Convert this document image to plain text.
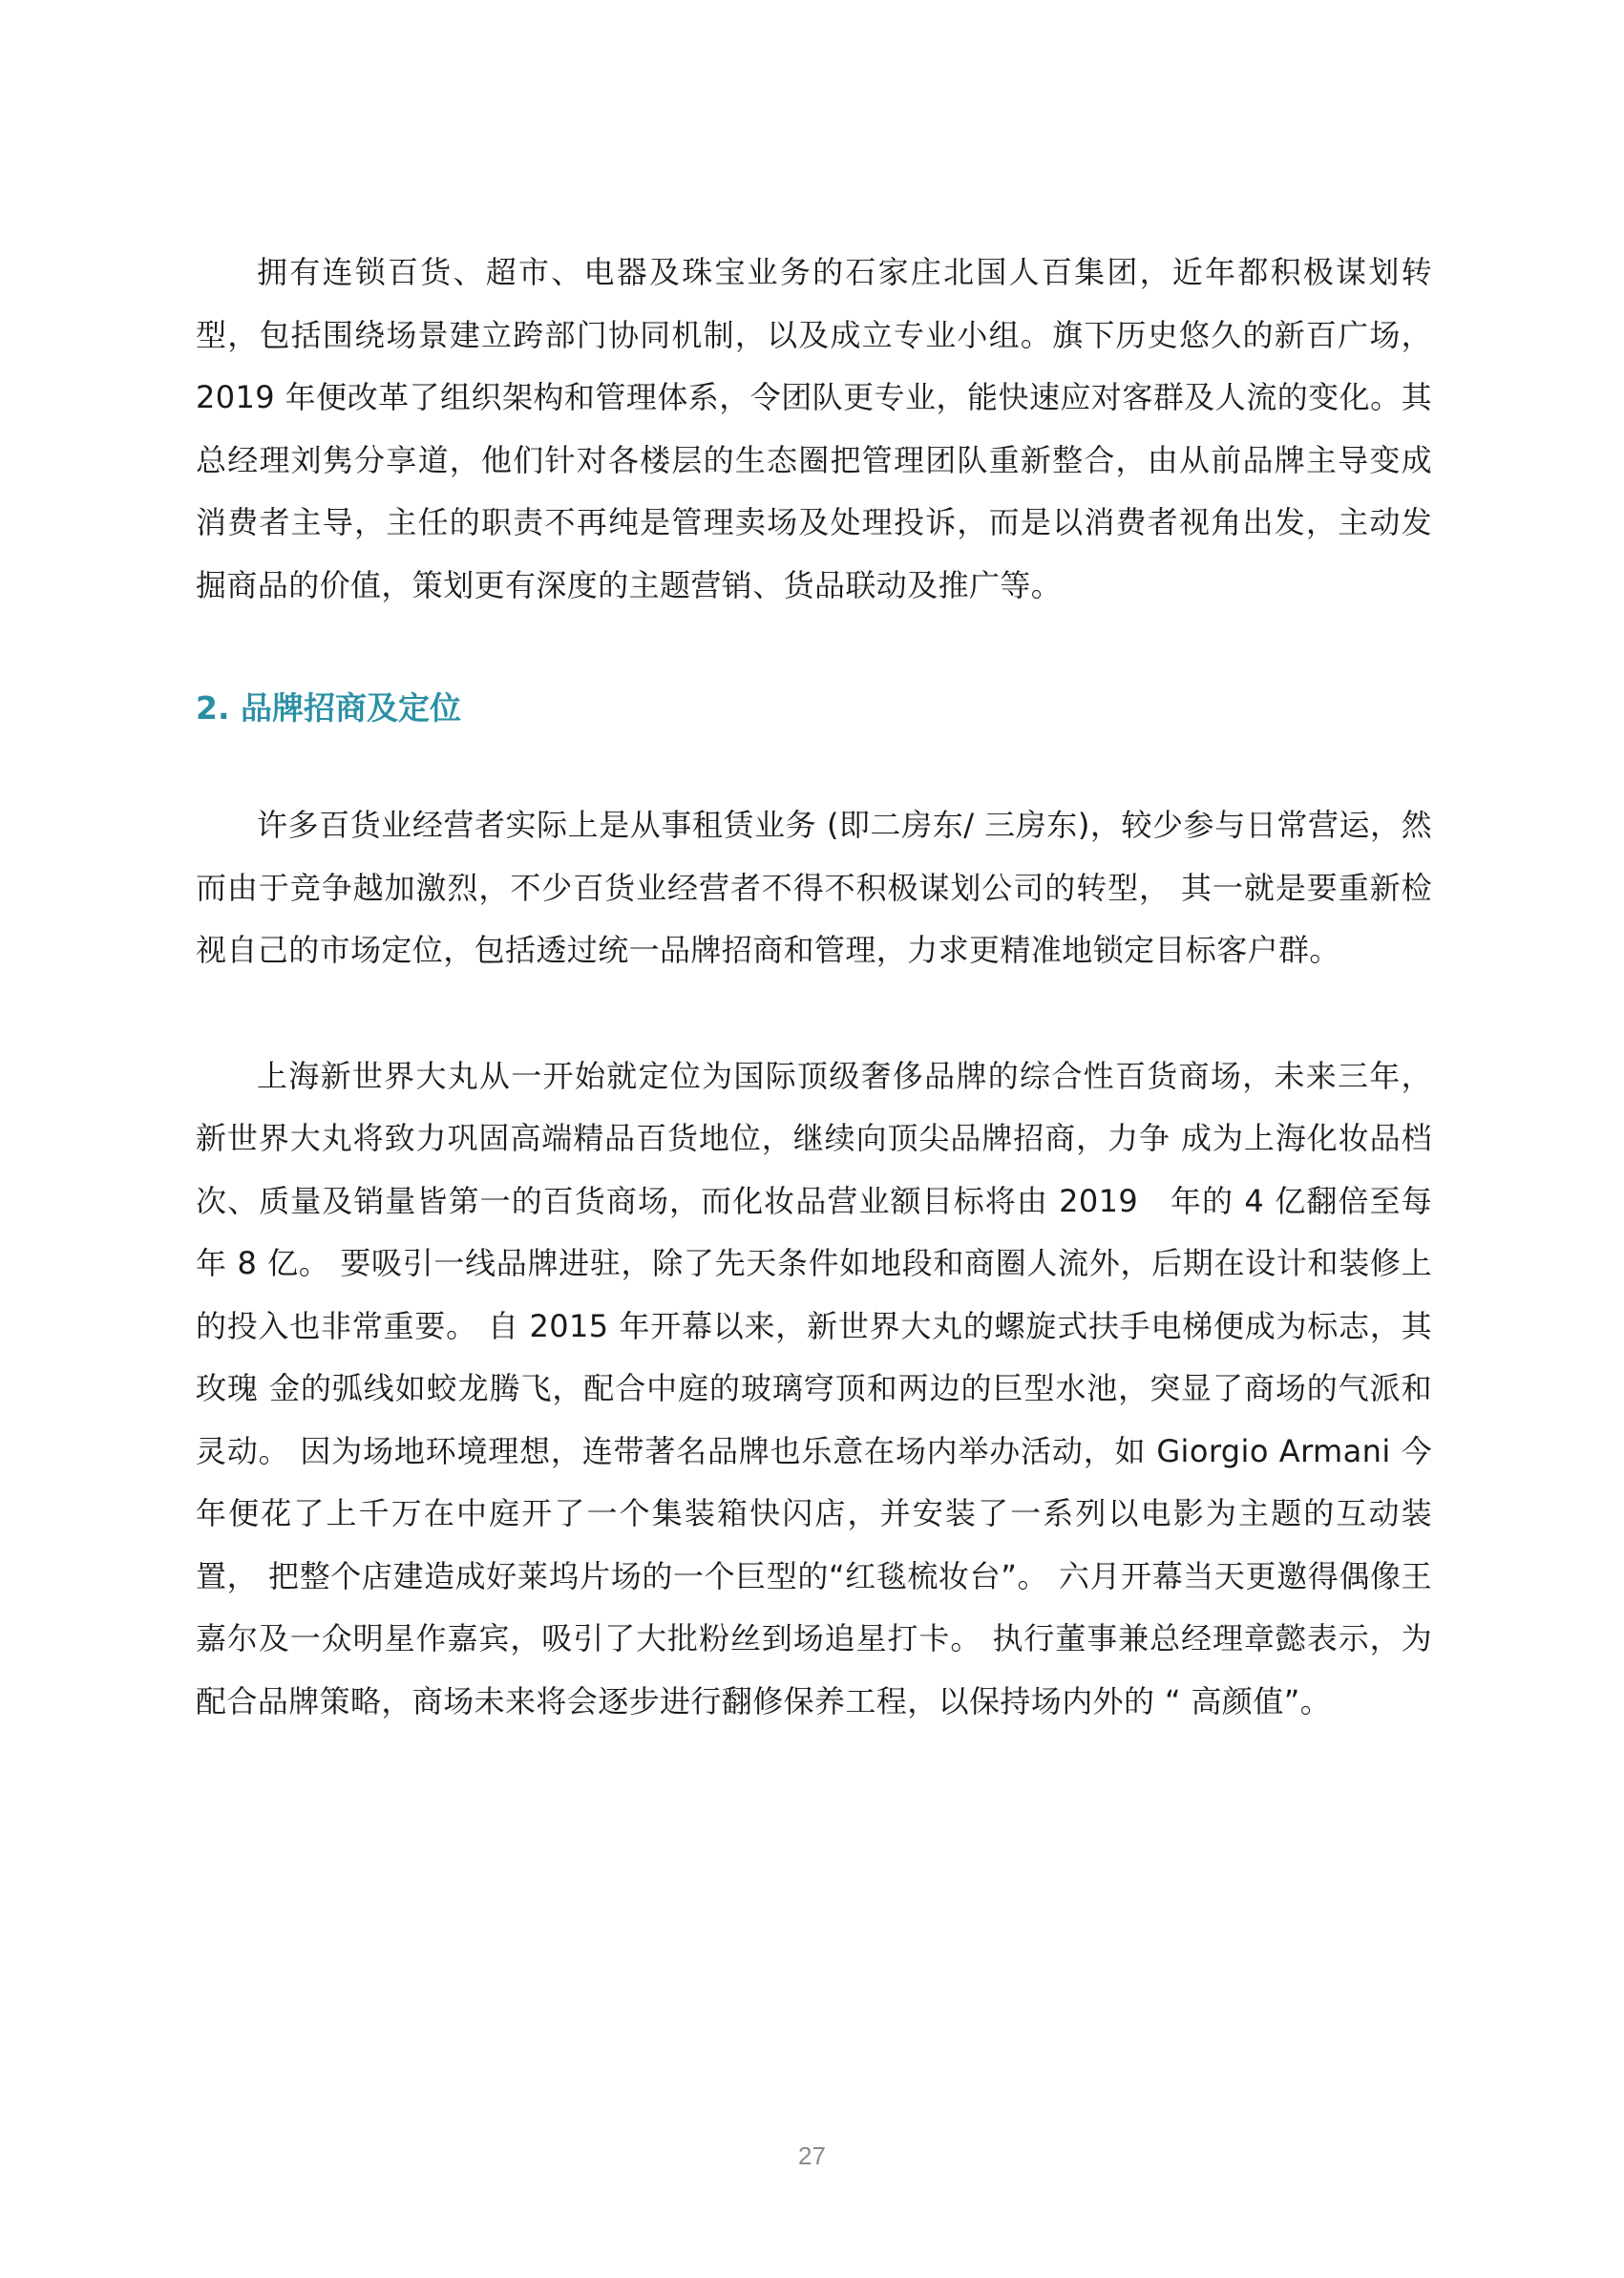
拥有连锁百货、超市、电器及珠宝业务的石家庄北国人百集团，近年都积极谋划转型，包括围绕场景建立跨部门协同机制，以及成立专业小组。旗下历史悠久的新百广场，2019 年便改革了组织架构和管理体系，令团队更专业，能快速应对客群及人流的变化。其总经理刘隽分享道，他们针对各楼层的生态圈把管理团队重新整合，由从前品牌主导变成消费者主导，主任的职责不再纯是管理卖场及处理投诉，而是以消费者视角出发，主动发掘商品的价值，策划更有深度的主题营销、货品联动及推广等。

2. 品牌招商及定位

许多百货业经营者实际上是从事租赁业务 (即二房东/ 三房东)，较少参与日常营运，然而由于竞争越加激烈，不少百货业经营者不得不积极谋划公司的转型， 其一就是要重新检视自己的市场定位，包括透过统一品牌招商和管理，力求更精准地锁定目标客户群。

上海新世界大丸从一开始就定位为国际顶级奢侈品牌的综合性百货商场，未来三年，新世界大丸将致力巩固高端精品百货地位，继续向顶尖品牌招商，力争 成为上海化妆品档次、质量及销量皆第一的百货商场，而化妆品营业额目标将由 2019　年的 4 亿翻倍至每年 8 亿。 要吸引一线品牌进驻，除了先天条件如地段和商圈人流外，后期在设计和装修上的投入也非常重要。 自 2015 年开幕以来，新世界大丸的螺旋式扶手电梯便成为标志，其玫瑰 金的弧线如蛟龙腾飞，配合中庭的玻璃穹顶和两边的巨型水池，突显了商场的气派和灵动。 因为场地环境理想，连带著名品牌也乐意在场内举办活动，如 Giorgio Armani 今年便花了上千万在中庭开了一个集装箱快闪店，并安装了一系列以电影为主题的互动装置， 把整个店建造成好莱坞片场的一个巨型的“红毯梳妆台”。 六月开幕当天更邀得偶像王嘉尔及一众明星作嘉宾，吸引了大批粉丝到场追星打卡。 执行董事兼总经理章懿表示，为配合品牌策略，商场未来将会逐步进行翻修保养工程，以保持场内外的 “ 高颜值”。

27
